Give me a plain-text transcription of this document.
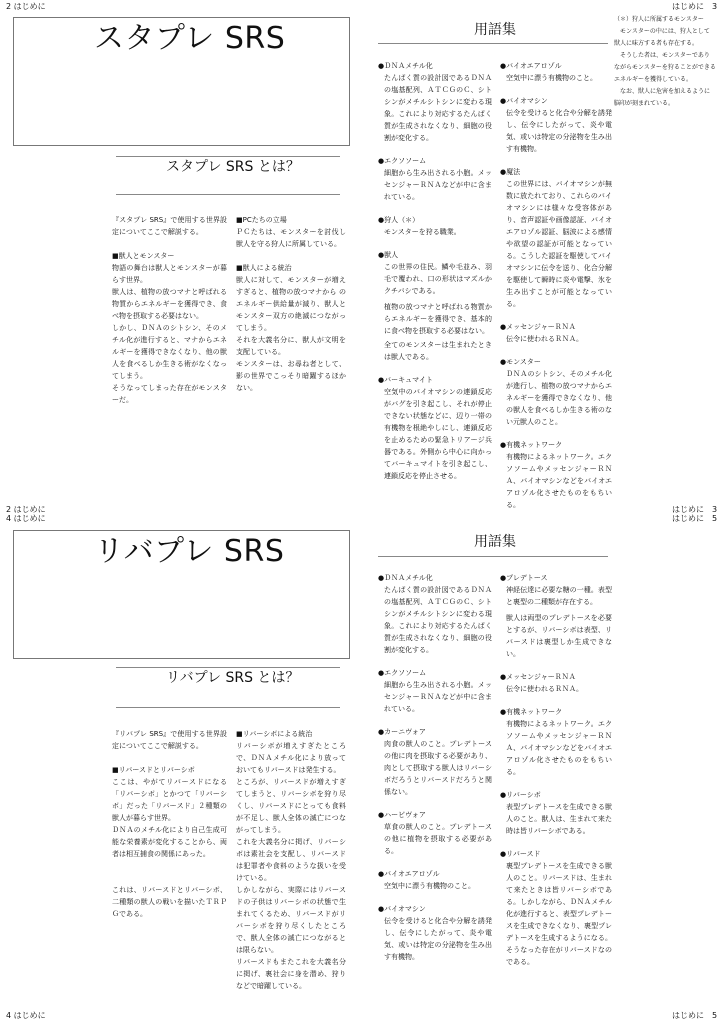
2 はじめに	はじめに　3
スタプレ SRS
スタプレ SRS とは？
『スタプレ SRS』で使用する世界設定についてここで解説する。
■獣人とモンスター
物語の舞台は獣人とモンスターが暮らす世界。
獣人は、植物の放つマナと呼ばれる物質からエネルギーを獲得でき、食べ物を摂取する必要はない。
しかし、ＤＮＡのシトシン、そのメチル化が進行すると、マナからエネルギーを獲得できなくなり、他の獣人を食べるしか生きる術がなくなってしまう。
そうなってしまった存在がモンスターだ。
■PCたちの立場
ＰＣたちは、モンスターを討伐し獣人を守る狩人に所属している。
■獣人による統治
獣人に対して、モンスターが増えすぎると、植物の放つマナから のエネルギー供給量が減り、獣人とモンスター双方の絶滅につながってしまう。
それを大義名分に、獣人が文明を支配している。
モンスターは、お尋ね者として、影の世界でこっそり暗躍するほかない。
用語集
●ＤＮＡメチル化
たんぱく質の設計図であるＤＮＡの塩基配列、ＡＴＣＧのＣ、シトシンがメチルシトシンに変わる現象。これにより対応するたんぱく質が生成されなくなり、細胞の役割が変化する。
●エクソソーム
細胞から生み出される小胞。メッセンジャーＲＮＡなどが中に含まれている。
●狩人（＊）
モンスターを狩る職業。
●獣人
この世界の住民。鱗や毛並み、羽毛で覆われ、口の形状はマズルかクチバシである。
植物の放つマナと呼ばれる物質からエネルギーを獲得でき、基本的に食べ物を摂取する必要はない。
全てのモンスターは生まれたときは獣人である。
●バーキュマイト
空気中のバイオマシンの連鎖反応がバグを引き起こし、それが停止できない状態などに、辺り一帯の有機物を根絶やしにし、連鎖反応を止めるための緊急トリアージ兵器である。外側から中心に向かってバーキュマイトを引き起こし、連鎖反応を停止させる。
●バイオエアロゾル
空気中に漂う有機物のこと。
●バイオマシン
伝令を受けると化合や分解を誘発し、伝令にしたがって、炎や電気、或いは特定の分泌物を生み出す有機物。
●魔法
この世界には、バイオマシンが無数に放たれており、これらのバイオマシンには様々な受容体があり、音声認証や画像認証、バイオエアロゾル認証、脳波による感情や欲望の認証が可能となっている。こうした認証を駆使してバイオマシンに伝令を送り、化合分解を駆使して瞬時に炎や電撃、氷を生み出すことが可能となっている。
●メッセンジャーＲＮＡ
伝令に使われるＲＮＡ。
●モンスター
ＤＮＡのシトシン、そのメチル化が進行し、植物の放つマナからエネルギーを獲得できなくなり、他の獣人を食べるしか生きる術のない元獣人のこと。
●有機ネットワーク
有機物によるネットワーク。エクソソームやメッセンジャーＲＮＡ、バイオマシンなどをバイオエアロゾル化させたものをもちいる。
（＊）狩人に所属するモンスター
モンスターの中には、狩人として
獣人に味方する者も存在する。
そうした者は、モンスターであり
ながらモンスターを狩ることができる
エネルギーを獲得している。
なお、獣人に危害を加えるように
脳印が刻まれている。
2 はじめに
4 はじめに
はじめに　3
はじめに　5
リバプレ SRS
リバプレ SRS とは？
『リバプレ SRS』で使用する世界設定についてここで解説する。
■リバースドとリバーシボ
ここは、やがてリバースドになる「リバーシボ」とかつて「リバーシボ」だった「リバースド」２種類の獣人が暮らす世界。
ＤＮＡのメチル化により自己生成可能な栄養素が変化することから、両者は相互捕食の関係にあった。
これは、リバースドとリバーシボ、二種類の獣人の戦いを描いたＴＲＰＧである。
■リバーシボによる統治
リバーシボが増えすぎたところで、ＤＮＡメチル化により放っておいてもリバースドは発生する。
ところが、リバースドが増えすぎてしまうと、リバーシボを狩り尽くし、リバースドにとっても食料が不足し、獣人全体の滅亡につながってしまう。
これを大義名分に掲げ、リバーシボは素社会を支配し、リバースドは犯罪者や食料のような扱いを受けている。
しかしながら、実際にはリバースドの子供はリバーシボの状態で生まれてくるため、リバースドがリバーシボを狩り尽くしたところで、獣人全体の滅亡につながるとは限らない。
リバースドもまたこれを大義名分に掲げ、裏社会に身を潜め、狩りなどで暗躍している。
用語集
●ＤＮＡメチル化
たんぱく質の設計図であるＤＮＡの塩基配列、ＡＴＣＧのＣ、シトシンがメチルシトシンに変わる現象。これにより対応するたんぱく質が生成されなくなり、細胞の役割が変化する。
●エクソソーム
細胞から生み出される小胞。メッセンジャーＲＮＡなどが中に含まれている。
●カーニヴォア
肉食の獣人のこと。プレデトースの他に肉を摂取する必要があり、肉として摂取する獣人はリバーシボだろうとリバースドだろうと関係ない。
●ハービヴォア
草食の獣人のこと。プレデトースの他に植物を摂取する必要がある。
●バイオエアロゾル
空気中に漂う有機物のこと。
●バイオマシン
伝令を受けると化合や分解を誘発し、伝令にしたがって、炎や電気、或いは特定の分泌物を生み出す有機物。
●プレデトース
神経伝達に必要な糖の一種。表型と裏型の二種類が存在する。
獣人は両型のプレデトースを必要とするが、リバーシボは表型、リバースドは裏型しか生成できない。
●メッセンジャーＲＮＡ
伝令に使われるＲＮＡ。
●有機ネットワーク
有機物によるネットワーク。エクソソームやメッセンジャーＲＮＡ、バイオマシンなどをバイオエアロゾル化させたものをもちいる。
●リバーシボ
表型プレデトースを生成できる獣人のこと。獣人は、生まれて来た時は皆リバーシボである。
●リバースド
裏型プレデトースを生成できる獣人のこと。リバースドは、生まれて来たときは皆リバーシボである。しかしながら、ＤＮＡメチル化が進行すると、表型プレデトースを生成できなくなり、裏型プレデトースを生成するようになる。そうなった存在がリバースドなのである。
4 はじめに	はじめに　5
